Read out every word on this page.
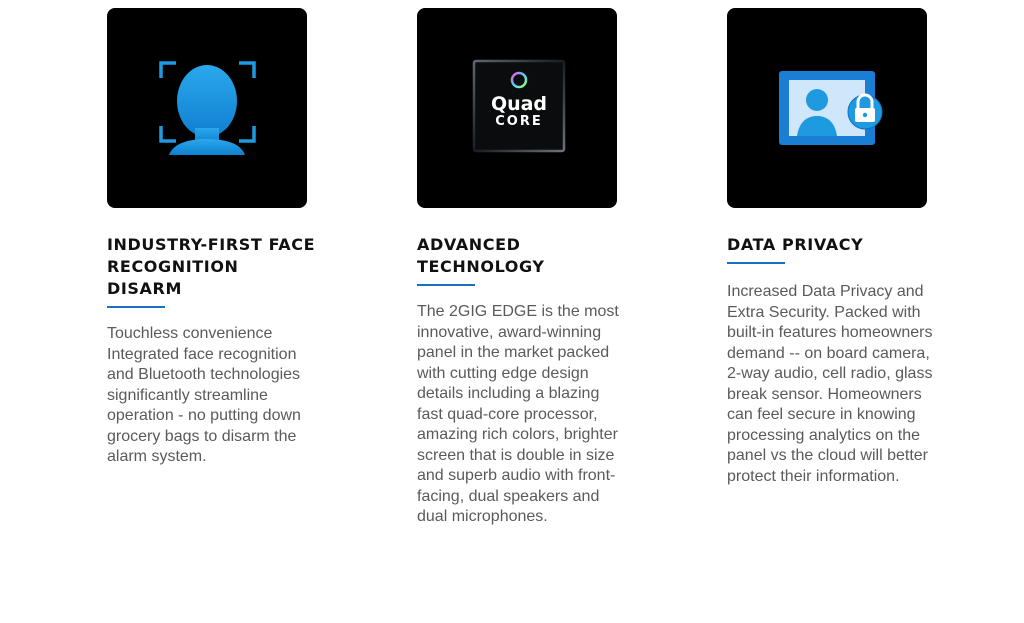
INDUSTRY-FIRST FACE RECOGNITION DISARM
Touchless convenience Integrated face recognition and Bluetooth technologies significantly streamline operation - no putting down grocery bags to disarm the alarm system.
Quad
CORE
ADVANCED TECHNOLOGY
The 2GIG EDGE is the most innovative, award-winning panel in the market packed with cutting edge design details including a blazing fast quad-core processor, amazing rich colors, brighter screen that is double in size and superb audio with front-facing, dual speakers and dual microphones.
DATA PRIVACY
Increased Data Privacy and Extra Security. Packed with built-in features homeowners demand -- on board camera, 2-way audio, cell radio, glass break sensor. Homeowners can feel secure in knowing processing analytics on the panel vs the cloud will better protect their information.
